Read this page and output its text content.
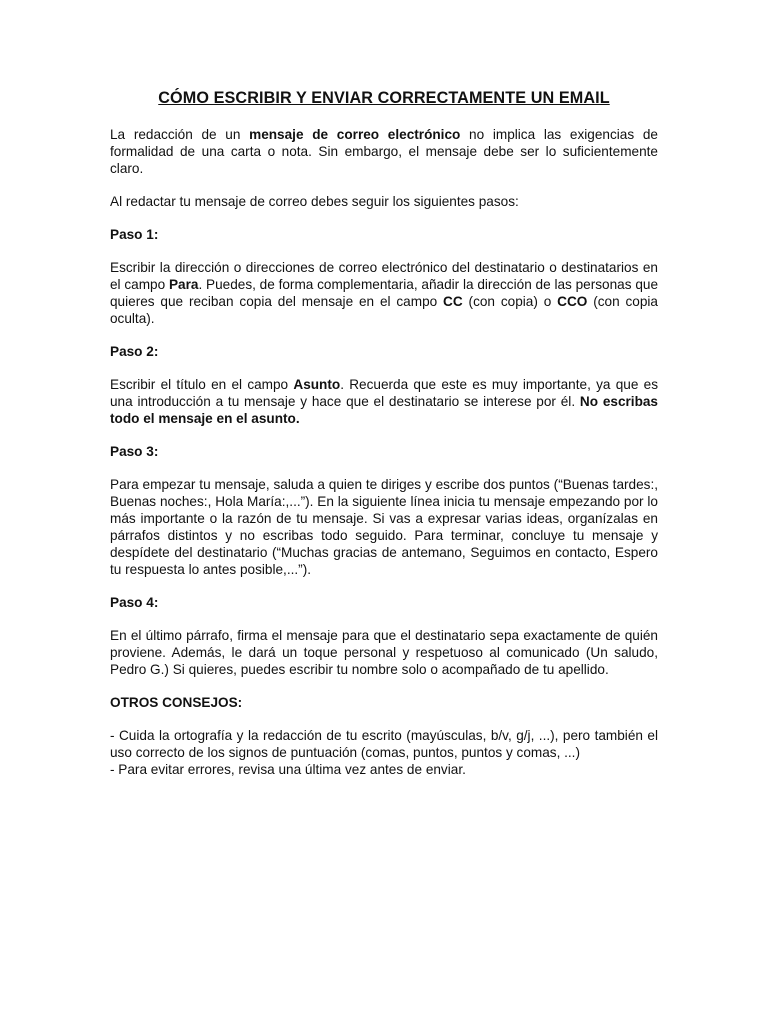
CÓMO ESCRIBIR Y ENVIAR CORRECTAMENTE UN EMAIL

La redacción de un mensaje de correo electrónico no implica las exigencias de formalidad de una carta o nota. Sin embargo, el mensaje debe ser lo suficientemente claro.

Al redactar tu mensaje de correo debes seguir los siguientes pasos:

Paso 1:

Escribir la dirección o direcciones de correo electrónico del destinatario o destinatarios en el campo Para. Puedes, de forma complementaria, añadir la dirección de las personas que quieres que reciban copia del mensaje en el campo CC (con copia) o CCO (con copia oculta).

Paso 2:

Escribir el título en el campo Asunto. Recuerda que este es muy importante, ya que es una introducción a tu mensaje y hace que el destinatario se interese por él. No escribas todo el mensaje en el asunto.

Paso 3:

Para empezar tu mensaje, saluda a quien te diriges y escribe dos puntos (“Buenas tardes:, Buenas noches:, Hola María:,...”). En la siguiente línea inicia tu mensaje empezando por lo más importante o la razón de tu mensaje. Si vas a expresar varias ideas, organízalas en párrafos distintos y no escribas todo seguido. Para terminar, concluye tu mensaje y despídete del destinatario (“Muchas gracias de antemano, Seguimos en contacto, Espero tu respuesta lo antes posible,...”).

Paso 4:

En el último párrafo, firma el mensaje para que el destinatario sepa exactamente de quién proviene. Además, le dará un toque personal y respetuoso al comunicado (Un saludo, Pedro G.) Si quieres, puedes escribir tu nombre solo o acompañado de tu apellido.

OTROS CONSEJOS:

- Cuida la ortografía y la redacción de tu escrito (mayúsculas, b/v, g/j, ...), pero también el uso correcto de los signos de puntuación (comas, puntos, puntos y comas, ...)

- Para evitar errores, revisa una última vez antes de enviar.
